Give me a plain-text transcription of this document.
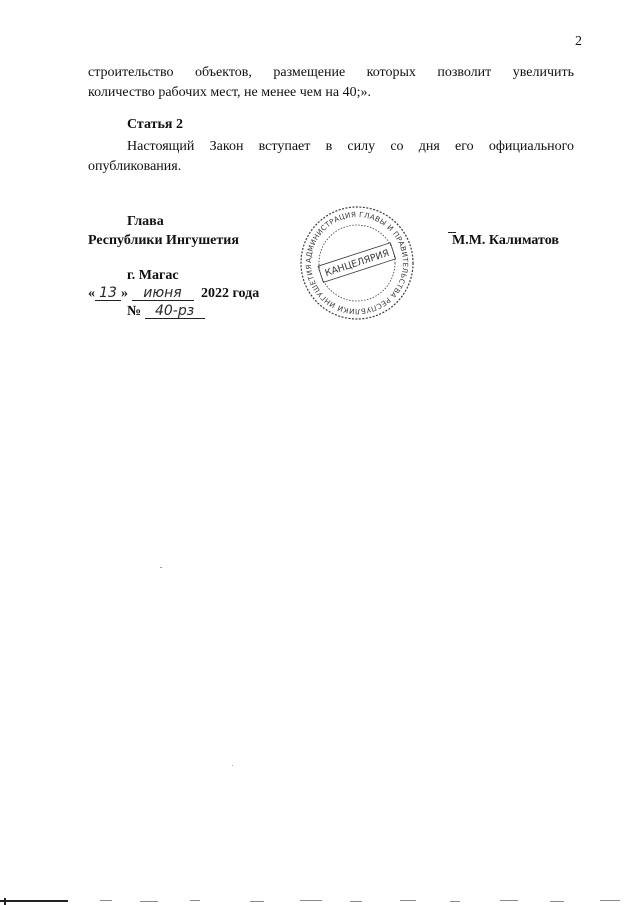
2
строительство объектов, размещение которых позволит увеличить
количество рабочих мест, не менее чем на 40;».
Статья 2
Настоящий Закон вступает в силу со дня его официального
опубликования.
Глава
Республики Ингушетия	М.М. Калиматов
г. Магас
« 13 » июня 2022 года
№ 40-рз
АДМИНИСТРАЦИЯ ГЛАВЫ И ПРАВИТЕЛЬСТВА РЕСПУБЛИКИ ИНГУШЕТИЯ	КАНЦЕЛЯРИЯ
